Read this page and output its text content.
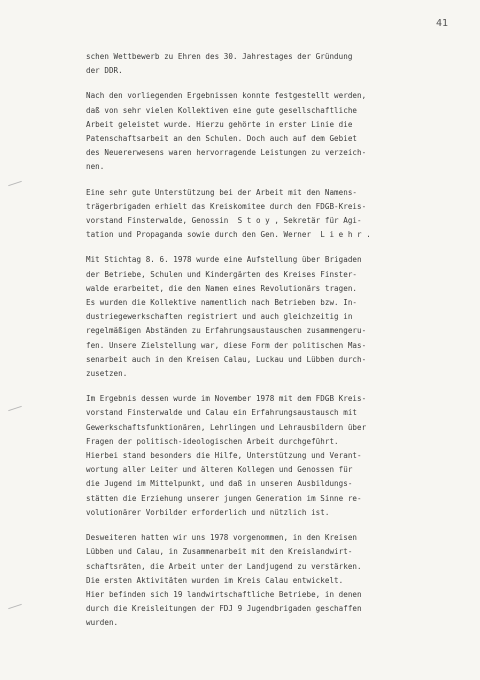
41
schen Wettbewerb zu Ehren des 30. Jahrestages der Gründung
der DDR.
Nach den vorliegenden Ergebnissen konnte festgestellt werden,
daß von sehr vielen Kollektiven eine gute gesellschaftliche
Arbeit geleistet wurde. Hierzu gehörte in erster Linie die
Patenschaftsarbeit an den Schulen. Doch auch auf dem Gebiet
des Neuererwesens waren hervorragende Leistungen zu verzeich-
nen.
Eine sehr gute Unterstützung bei der Arbeit mit den Namens-
trägerbrigaden erhielt das Kreiskomitee durch den FDGB-Kreis-
vorstand Finsterwalde, Genossin  S t o y , Sekretär für Agi-
tation und Propaganda sowie durch den Gen. Werner  L i e h r .
Mit Stichtag 8. 6. 1978 wurde eine Aufstellung über Brigaden
der Betriebe, Schulen und Kindergärten des Kreises Finster-
walde erarbeitet, die den Namen eines Revolutionärs tragen.
Es wurden die Kollektive namentlich nach Betrieben bzw. In-
dustriegewerkschaften registriert und auch gleichzeitig in
regelmäßigen Abständen zu Erfahrungsaustauschen zusammengeru-
fen. Unsere Zielstellung war, diese Form der politischen Mas-
senarbeit auch in den Kreisen Calau, Luckau und Lübben durch-
zusetzen.
Im Ergebnis dessen wurde im November 1978 mit dem FDGB Kreis-
vorstand Finsterwalde und Calau ein Erfahrungsaustausch mit
Gewerkschaftsfunktionären, Lehrlingen und Lehrausbildern über
Fragen der politisch-ideologischen Arbeit durchgeführt.
Hierbei stand besonders die Hilfe, Unterstützung und Verant-
wortung aller Leiter und älteren Kollegen und Genossen für
die Jugend im Mittelpunkt, und daß in unseren Ausbildungs-
stätten die Erziehung unserer jungen Generation im Sinne re-
volutionärer Vorbilder erforderlich und nützlich ist.
Desweiteren hatten wir uns 1978 vorgenommen, in den Kreisen
Lübben und Calau, in Zusammenarbeit mit den Kreislandwirt-
schaftsräten, die Arbeit unter der Landjugend zu verstärken.
Die ersten Aktivitäten wurden im Kreis Calau entwickelt.
Hier befinden sich 19 landwirtschaftliche Betriebe, in denen
durch die Kreisleitungen der FDJ 9 Jugendbrigaden geschaffen
wurden.
